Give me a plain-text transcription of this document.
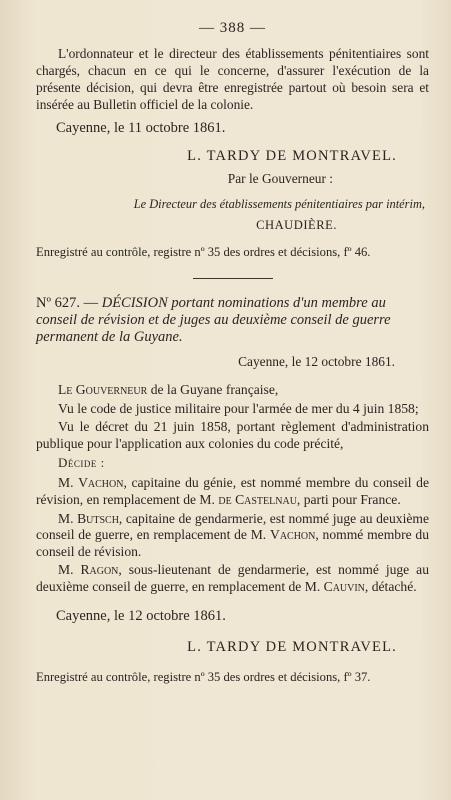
— 388 —

L'ordonnateur et le directeur des établissements pénitentiaires sont chargés, chacun en ce qui le concerne, d'assurer l'exécution de la présente décision, qui devra être enregistrée partout où besoin sera et insérée au Bulletin officiel de la colonie.

Cayenne, le 11 octobre 1861.

L. TARDY DE MONTRAVEL.

Par le Gouverneur :

Le Directeur des établissements pénitentiaires par intérim,

CHAUDIÈRE.

Enregistré au contrôle, registre nº 35 des ordres et décisions, fº 46.

Nº 627. — DÉCISION portant nominations d'un membre au conseil de révision et de juges au deuxième conseil de guerre permanent de la Guyane.

Cayenne, le 12 octobre 1861.

Le Gouverneur de la Guyane française,

Vu le code de justice militaire pour l'armée de mer du 4 juin 1858;

Vu le décret du 21 juin 1858, portant règlement d'administration publique pour l'application aux colonies du code précité,

Décide :

M. Vachon, capitaine du génie, est nommé membre du conseil de révision, en remplacement de M. de Castelnau, parti pour France.

M. Butsch, capitaine de gendarmerie, est nommé juge au deuxième conseil de guerre, en remplacement de M. Vachon, nommé membre du conseil de révision.

M. Ragon, sous-lieutenant de gendarmerie, est nommé juge au deuxième conseil de guerre, en remplacement de M. Cauvin, détaché.

Cayenne, le 12 octobre 1861.

L. TARDY DE MONTRAVEL.

Enregistré au contrôle, registre nº 35 des ordres et décisions, fº 37.
